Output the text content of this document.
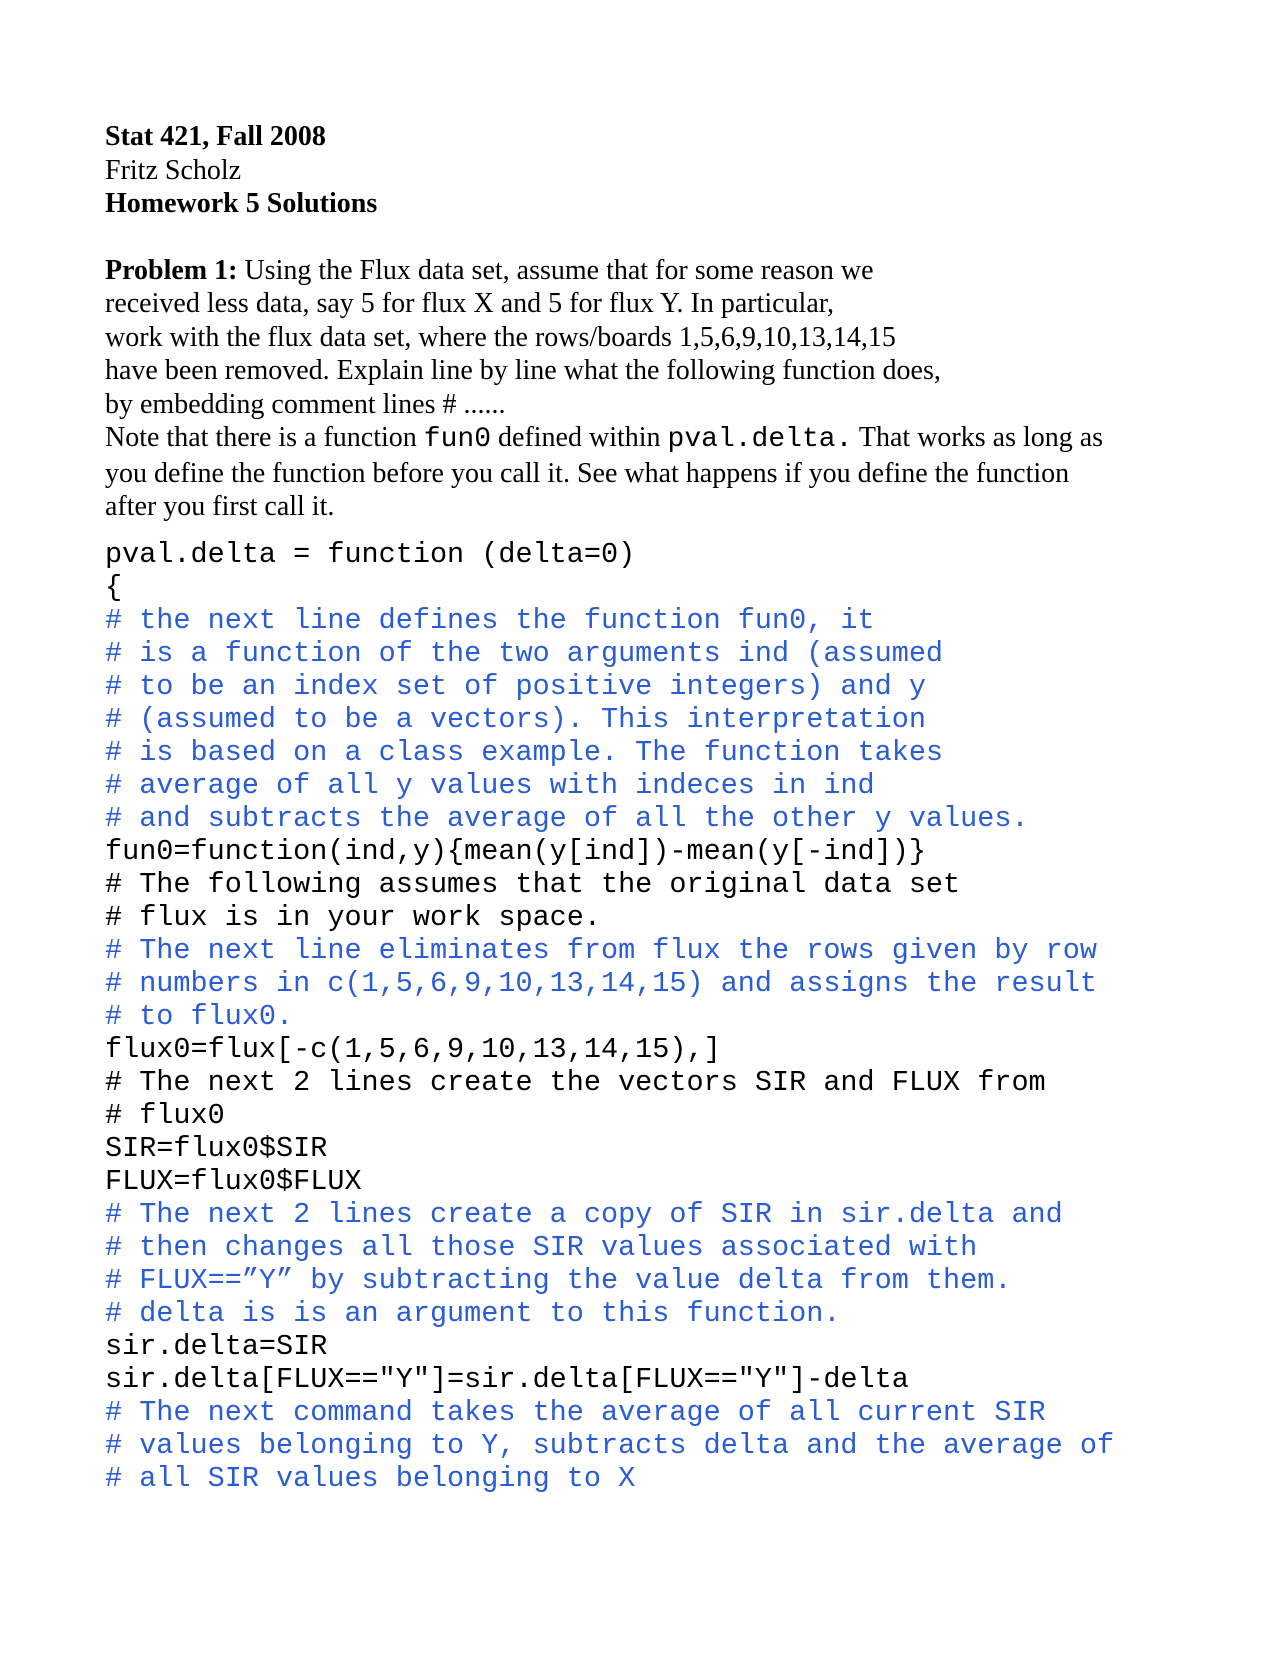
Stat 421, Fall 2008
Fritz Scholz
Homework 5 Solutions
Problem 1: Using the Flux data set, assume that for some reason we
received less data, say 5 for flux X and 5 for flux Y. In particular,
work with the flux data set, where the rows/boards 1,5,6,9,10,13,14,15
have been removed. Explain line by line what the following function does,
by embedding comment lines # ......
Note that there is a function fun0 defined within pval.delta. That works as long as
you define the function before you call it. See what happens if you define the function
after you first call it.
pval.delta = function (delta=0)
{
# the next line defines the function fun0, it
# is a function of the two arguments ind (assumed
# to be an index set of positive integers) and y
# (assumed to be a vectors). This interpretation
# is based on a class example. The function takes
# average of all y values with indeces in ind
# and subtracts the average of all the other y values.
fun0=function(ind,y){mean(y[ind])-mean(y[-ind])}
# The following assumes that the original data set
# flux is in your work space.
# The next line eliminates from flux the rows given by row
# numbers in c(1,5,6,9,10,13,14,15) and assigns the result
# to flux0.
flux0=flux[-c(1,5,6,9,10,13,14,15),]
# The next 2 lines create the vectors SIR and FLUX from
# flux0
SIR=flux0$SIR
FLUX=flux0$FLUX
# The next 2 lines create a copy of SIR in sir.delta and
# then changes all those SIR values associated with
# FLUX==”Y” by subtracting the value delta from them.
# delta is is an argument to this function.
sir.delta=SIR
sir.delta[FLUX=="Y"]=sir.delta[FLUX=="Y"]-delta
# The next command takes the average of all current SIR
# values belonging to Y, subtracts delta and the average of
# all SIR values belonging to X
